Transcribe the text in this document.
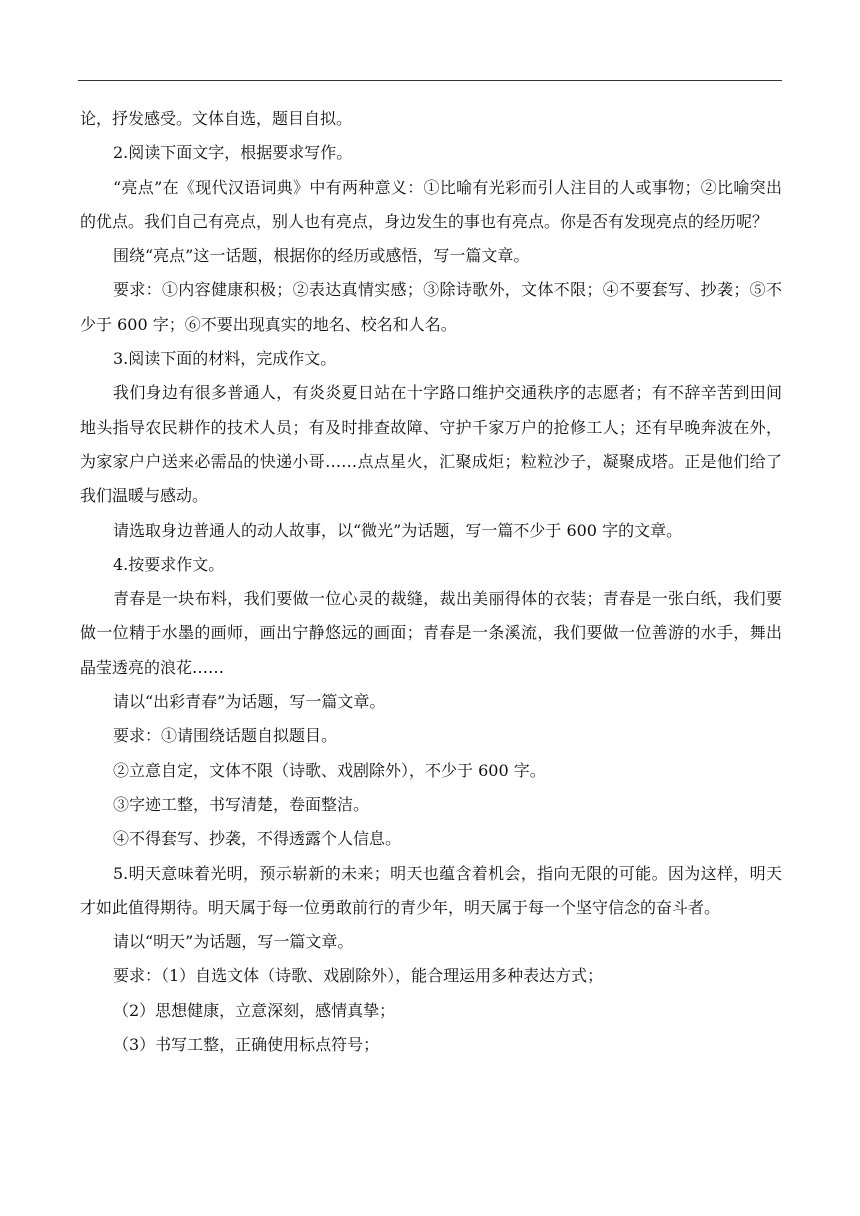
论，抒发感受。文体自选，题目自拟。

2.阅读下面文字，根据要求写作。

“亮点”在《现代汉语词典》中有两种意义：①比喻有光彩而引人注目的人或事物；②比喻突出的优点。我们自己有亮点，别人也有亮点，身边发生的事也有亮点。你是否有发现亮点的经历呢？

围绕“亮点”这一话题，根据你的经历或感悟，写一篇文章。

要求：①内容健康积极；②表达真情实感；③除诗歌外，文体不限；④不要套写、抄袭；⑤不少于 600 字；⑥不要出现真实的地名、校名和人名。

3.阅读下面的材料，完成作文。

我们身边有很多普通人，有炎炎夏日站在十字路口维护交通秩序的志愿者；有不辞辛苦到田间地头指导农民耕作的技术人员；有及时排查故障、守护千家万户的抢修工人；还有早晚奔波在外，为家家户户送来必需品的快递小哥……点点星火，汇聚成炬；粒粒沙子，凝聚成塔。正是他们给了我们温暖与感动。

请选取身边普通人的动人故事，以“微光”为话题，写一篇不少于 600 字的文章。

4.按要求作文。

青春是一块布料，我们要做一位心灵的裁缝，裁出美丽得体的衣装；青春是一张白纸，我们要做一位精于水墨的画师，画出宁静悠远的画面；青春是一条溪流，我们要做一位善游的水手，舞出晶莹透亮的浪花……

请以“出彩青春”为话题，写一篇文章。

要求：①请围绕话题自拟题目。

②立意自定，文体不限（诗歌、戏剧除外），不少于 600 字。

③字迹工整，书写清楚，卷面整洁。

④不得套写、抄袭，不得透露个人信息。

5.明天意味着光明，预示崭新的未来；明天也蕴含着机会，指向无限的可能。因为这样，明天才如此值得期待。明天属于每一位勇敢前行的青少年，明天属于每一个坚守信念的奋斗者。

请以“明天”为话题，写一篇文章。

要求：（1）自选文体（诗歌、戏剧除外），能合理运用多种表达方式；

（2）思想健康，立意深刻，感情真挚；

（3）书写工整，正确使用标点符号；
